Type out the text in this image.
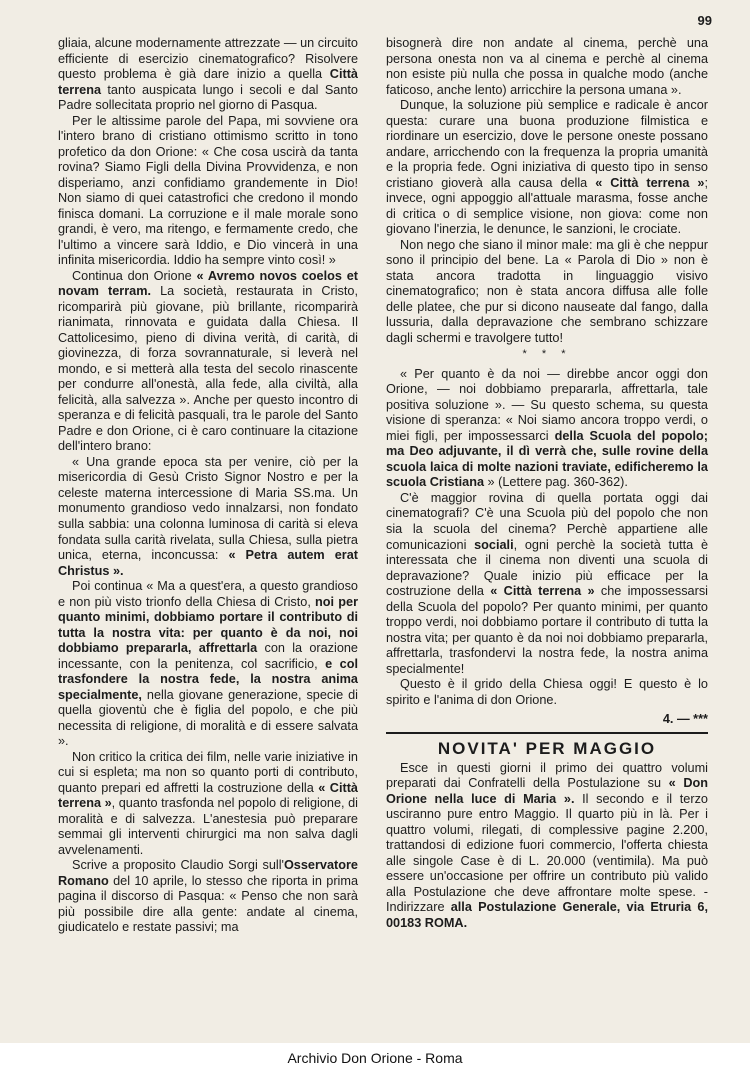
99

gliaia, alcune modernamente attrezzate — un circuito efficiente di esercizio cinematografico? Risolvere questo problema è già dare inizio a quella Città terrena tanto auspicata lungo i secoli e dal Santo Padre sollecitata proprio nel giorno di Pasqua.

Per le altissime parole del Papa, mi sovviene ora l'intero brano di cristiano ottimismo scritto in tono profetico da don Orione: « Che cosa uscirà da tanta rovina? Siamo Figli della Divina Provvidenza, e non disperiamo, anzi confidiamo grandemente in Dio! Non siamo di quei catastrofici che credono il mondo finisca domani. La corruzione e il male morale sono grandi, è vero, ma ritengo, e fermamente credo, che l'ultimo a vincere sarà Iddio, e Dio vincerà in una infinita misericordia. Iddio ha sempre vinto così! »

Continua don Orione « Avremo novos coelos et novam terram. La società, restaurata in Cristo, ricomparirà più giovane, più brillante, ricomparirà rianimata, rinnovata e guidata dalla Chiesa. Il Cattolicesimo, pieno di divina verità, di carità, di giovinezza, di forza sovrannaturale, si leverà nel mondo, e si metterà alla testa del secolo rinascente per condurre all'onestà, alla fede, alla civiltà, alla felicità, alla salvezza ». Anche per questo incontro di speranza e di felicità pasquali, tra le parole del Santo Padre e don Orione, ci è caro continuare la citazione dell'intero brano:

« Una grande epoca sta per venire, ciò per la misericordia di Gesù Cristo Signor Nostro e per la celeste materna intercessione di Maria SS.ma. Un monumento grandioso vedo innalzarsi, non fondato sulla sabbia: una colonna luminosa di carità si eleva fondata sulla carità rivelata, sulla Chiesa, sulla pietra unica, eterna, inconcussa: « Petra autem erat Christus ».

Poi continua « Ma a quest'era, a questo grandioso e non più visto trionfo della Chiesa di Cristo, noi per quanto minimi, dobbiamo portare il contributo di tutta la nostra vita: per quanto è da noi, noi dobbiamo prepararla, affrettarla con la orazione incessante, con la penitenza, col sacrificio, e col trasfondere la nostra fede, la nostra anima specialmente, nella giovane generazione, specie di quella gioventù che è figlia del popolo, e che più necessita di religione, di moralità e di essere salvata ».

Non critico la critica dei film, nelle varie iniziative in cui si espleta; ma non so quanto porti di contributo, quanto prepari ed affretti la costruzione della « Città terrena », quanto trasfonda nel popolo di religione, di moralità e di salvezza. L'anestesia può preparare semmai gli interventi chirurgici ma non salva dagli avvelenamenti.

Scrive a proposito Claudio Sorgi sull'Osservatore Romano del 10 aprile, lo stesso che riporta in prima pagina il discorso di Pasqua: « Penso che non sarà più possibile dire alla gente: andate al cinema, giudicatelo e restate passivi; ma

bisognerà dire non andate al cinema, perchè una persona onesta non va al cinema e perchè al cinema non esiste più nulla che possa in qualche modo (anche faticoso, anche lento) arricchire la persona umana ».

Dunque, la soluzione più semplice e radicale è ancor questa: curare una buona produzione filmistica e riordinare un esercizio, dove le persone oneste possano andare, arricchendo con la frequenza la propria umanità e la propria fede. Ogni iniziativa di questo tipo in senso cristiano gioverà alla causa della « Città terrena »; invece, ogni appoggio all'attuale marasma, fosse anche di critica o di semplice visione, non giova: come non giovano l'inerzia, le denunce, le sanzioni, le crociate.

Non nego che siano il minor male: ma gli è che neppur sono il principio del bene. La « Parola di Dio » non è stata ancora tradotta in linguaggio visivo cinematografico; non è stata ancora diffusa alle folle delle platee, che pur si dicono nauseate dal fango, dalla lussuria, dalla depravazione che sembrano schizzare dagli schermi e travolgere tutto!

* * *

« Per quanto è da noi — direbbe ancor oggi don Orione, — noi dobbiamo prepararla, affrettarla, tale positiva soluzione ». — Su questo schema, su questa visione di speranza: « Noi siamo ancora troppo verdi, o miei figli, per impossessarci della Scuola del popolo; ma Deo adjuvante, il dì verrà che, sulle rovine della scuola laica di molte nazioni traviate, edificheremo la scuola Cristiana » (Lettere pag. 360-362).

C'è maggior rovina di quella portata oggi dai cinematografi? C'è una Scuola più del popolo che non sia la scuola del cinema? Perchè appartiene alle comunicazioni sociali, ogni perchè la società tutta è interessata che il cinema non diventi una scuola di depravazione? Quale inizio più efficace per la costruzione della « Città terrena » che impossessarsi della Scuola del popolo? Per quanto minimi, per quanto troppo verdi, noi dobbiamo portare il contributo di tutta la nostra vita; per quanto è da noi noi dobbiamo prepararla, affrettarla, trasfondervi la nostra fede, la nostra anima specialmente!

Questo è il grido della Chiesa oggi! E questo è lo spirito e l'anima di don Orione.

4. — ***
NOVITA' PER MAGGIO

Esce in questi giorni il primo dei quattro volumi preparati dai Confratelli della Postulazione su « Don Orione nella luce di Maria ». Il secondo e il terzo usciranno pure entro Maggio. Il quarto più in là. Per i quattro volumi, rilegati, di complessive pagine 2.200, trattandosi di edizione fuori commercio, l'offerta chiesta alle singole Case è di L. 20.000 (ventimila). Ma può essere un'occasione per offrire un contributo più valido alla Postulazione che deve affrontare molte spese. - Indirizzare alla Postulazione Generale, via Etruria 6, 00183 ROMA.

Archivio Don Orione - Roma
